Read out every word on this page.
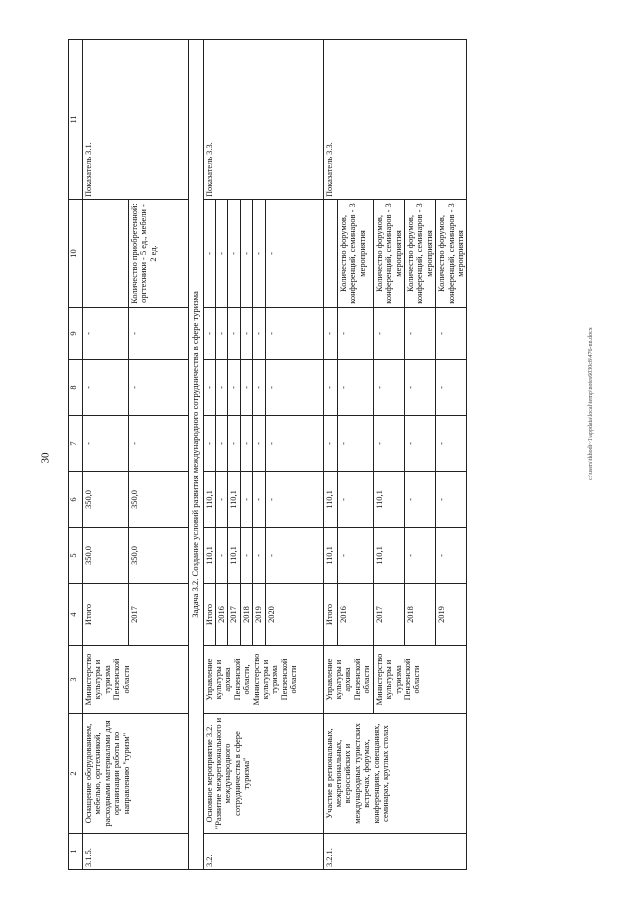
30
1	2	3	4	5	6	7	8	9	10	11
3.1.5.	Оснащение оборудованием, мебелью, оргтехникой, расходными материалами для организации работы по направлению "туризм"	Министерство культуры и туризма Пензенской области	Итого	350,0	350,0	-	-	-		Показатель 3.1.
			2017	350,0	350,0	-	-	-	Количество приобретенной: оргтехники - 5 ед., мебели - 2 ед.	
Задача 3.2. Создание условий развития международного сотрудничества в сфере туризма										
3.2.	Основное мероприятие 3.2. "Развитие межрегионального и международного сотрудничества в сфере туризма"	Управление культуры и архива Пензенской области, Министерство культуры и туризма Пензенской области	Итого	110,1	110,1	-	-	-	-	Показатель 3.3.
			2016	-	-	-	-	-	-	
			2017	110,1	110,1	-	-	-	-	
			2018	-	-	-	-	-	-	
			2019	-	-	-	-	-	-	
			2020	-	-	-	-	-	-	
3.2.1.	Участие в региональных, межрегиональных, всероссийских и международных туристских встречах, форумах, конференциях, совещаниях, семинарах, круглых столах	Управление культуры и архива Пензенской области	Итого	110,1	110,1	-	-	-		Показатель 3.3.
			2016	-	-	-	-	-	Количество форумов, конференций, семинаров - 3 мероприятия	
		Министерство культуры и туризма Пензенской области	2017	110,1	110,1	-	-	-	Количество форумов, конференций, семинаров - 3 мероприятия	
			2018	-	-	-	-	-	Количество форумов, конференций, семинаров - 3 мероприятия	
			2019	-	-	-	-	-	Количество форумов, конференций, семинаров - 3 мероприятия	
c:\users\tkhodi~1\appdata\local\temp\notes6030c8\476-nn.docx
